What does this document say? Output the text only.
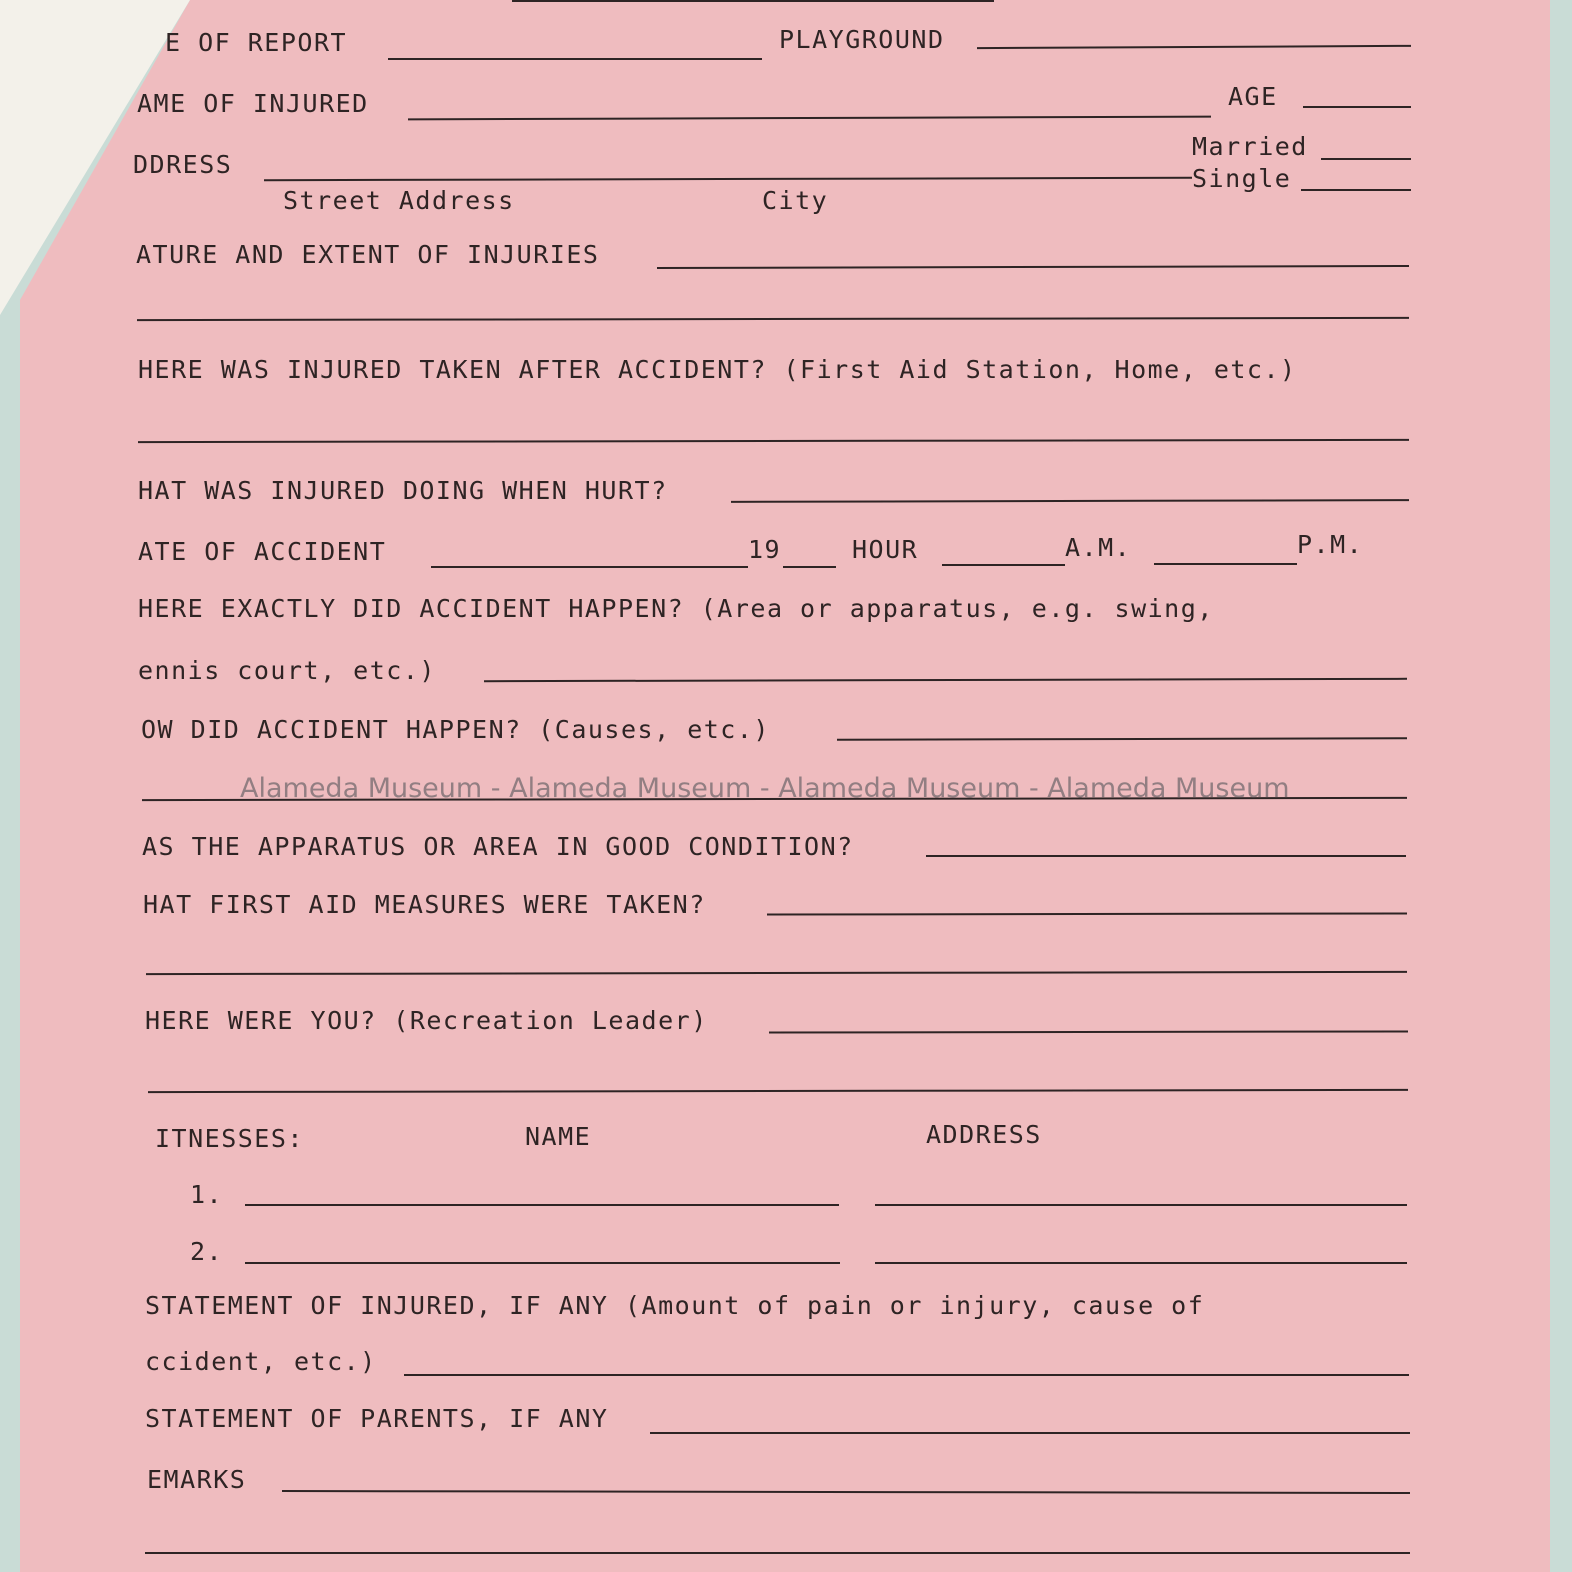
E OF REPORT	PLAYGROUND
AME OF INJURED	AGE
DDRESS
Married
Single
Street Address	City
ATURE AND EXTENT OF INJURIES
HERE WAS INJURED TAKEN AFTER ACCIDENT? (First Aid Station, Home, etc.)
HAT WAS INJURED DOING WHEN HURT?
ATE OF ACCIDENT	19	HOUR	A.M.	P.M.
HERE EXACTLY DID ACCIDENT HAPPEN? (Area or apparatus, e.g. swing,
ennis court, etc.)
OW DID ACCIDENT HAPPEN? (Causes, etc.)
Alameda Museum - Alameda Museum - Alameda Museum - Alameda Museum
AS THE APPARATUS OR AREA IN GOOD CONDITION?
HAT FIRST AID MEASURES WERE TAKEN?
HERE WERE YOU? (Recreation Leader)
ITNESSES:	NAME	ADDRESS
1.
2.
STATEMENT OF INJURED, IF ANY (Amount of pain or injury, cause of
ccident, etc.)
STATEMENT OF PARENTS, IF ANY
EMARKS
